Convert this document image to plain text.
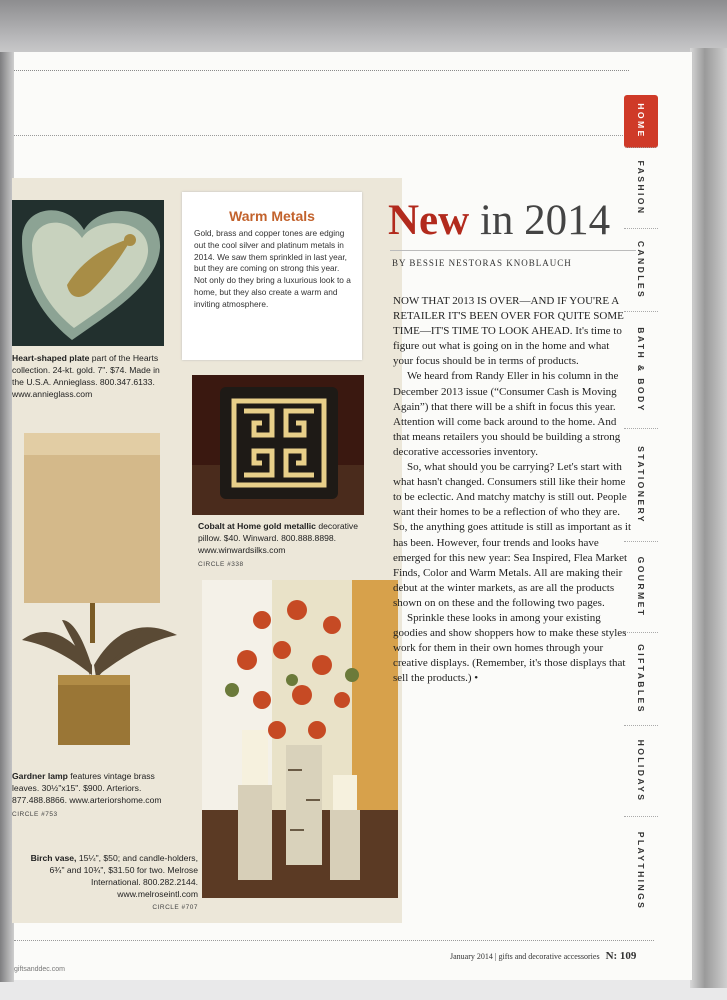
Heart-shaped plate part of the Hearts collection. 24-kt. gold. 7". $74. Made in the U.S.A. Annieglass. 800.347.6133. www.annieglass.com
Warm Metals
Gold, brass and copper tones are edging out the cool silver and platinum metals in 2014. We saw them sprinkled in last year, but they are coming on strong this year. Not only do they bring a luxurious look to a home, but they also create a warm and inviting atmosphere.
Cobalt at Home gold metallic decorative pillow. $40. Winward. 800.888.8898. www.winwardsilks.com
CIRCLE #338
Gardner lamp features vintage brass leaves. 30½"x15". $900. Arteriors. 877.488.8866. www.arteriorshome.com
CIRCLE #753
Birch vase, 15¼", $50; and candle-holders, 6¾" and 10¾", $31.50 for two. Melrose International. 800.282.2144. www.melroseintl.com
CIRCLE #707
New in 2014
BY BESSIE NESTORAS KNOBLAUCH

NOW THAT 2013 IS OVER—AND IF YOU'RE A RETAILER IT'S BEEN OVER FOR QUITE SOME TIME—IT'S TIME TO LOOK AHEAD. It's time to figure out what is going on in the home and what your focus should be in terms of products.

We heard from Randy Eller in his column in the December 2013 issue (“Consumer Cash is Moving Again”) that there will be a shift in focus this year. Attention will come back around to the home. And that means retailers you should be building a strong decorative accessories inventory.

So, what should you be carrying? Let's start with what hasn't changed. Consumers still like their home to be eclectic. And matchy matchy is still out. People want their homes to be a reflection of who they are. So, the anything goes attitude is still as important as it has been. However, four trends and looks have emerged for this new year: Sea Inspired, Flea Market Finds, Color and Warm Metals. All are making their debut at the winter markets, as are all the products shown on on these and the following two pages.

Sprinkle these looks in among your existing goodies and show shoppers how to make these styles work for them in their own homes through your creative displays. (Remember, it's those displays that sell the products.) •

HOME
FASHION
CANDLES
BATH & BODY
STATIONERY
GOURMET
GIFTABLES
HOLIDAYS
PLAYTHINGS
January 2014 | gifts and decorative accessories N: 109
giftsanddec.com
